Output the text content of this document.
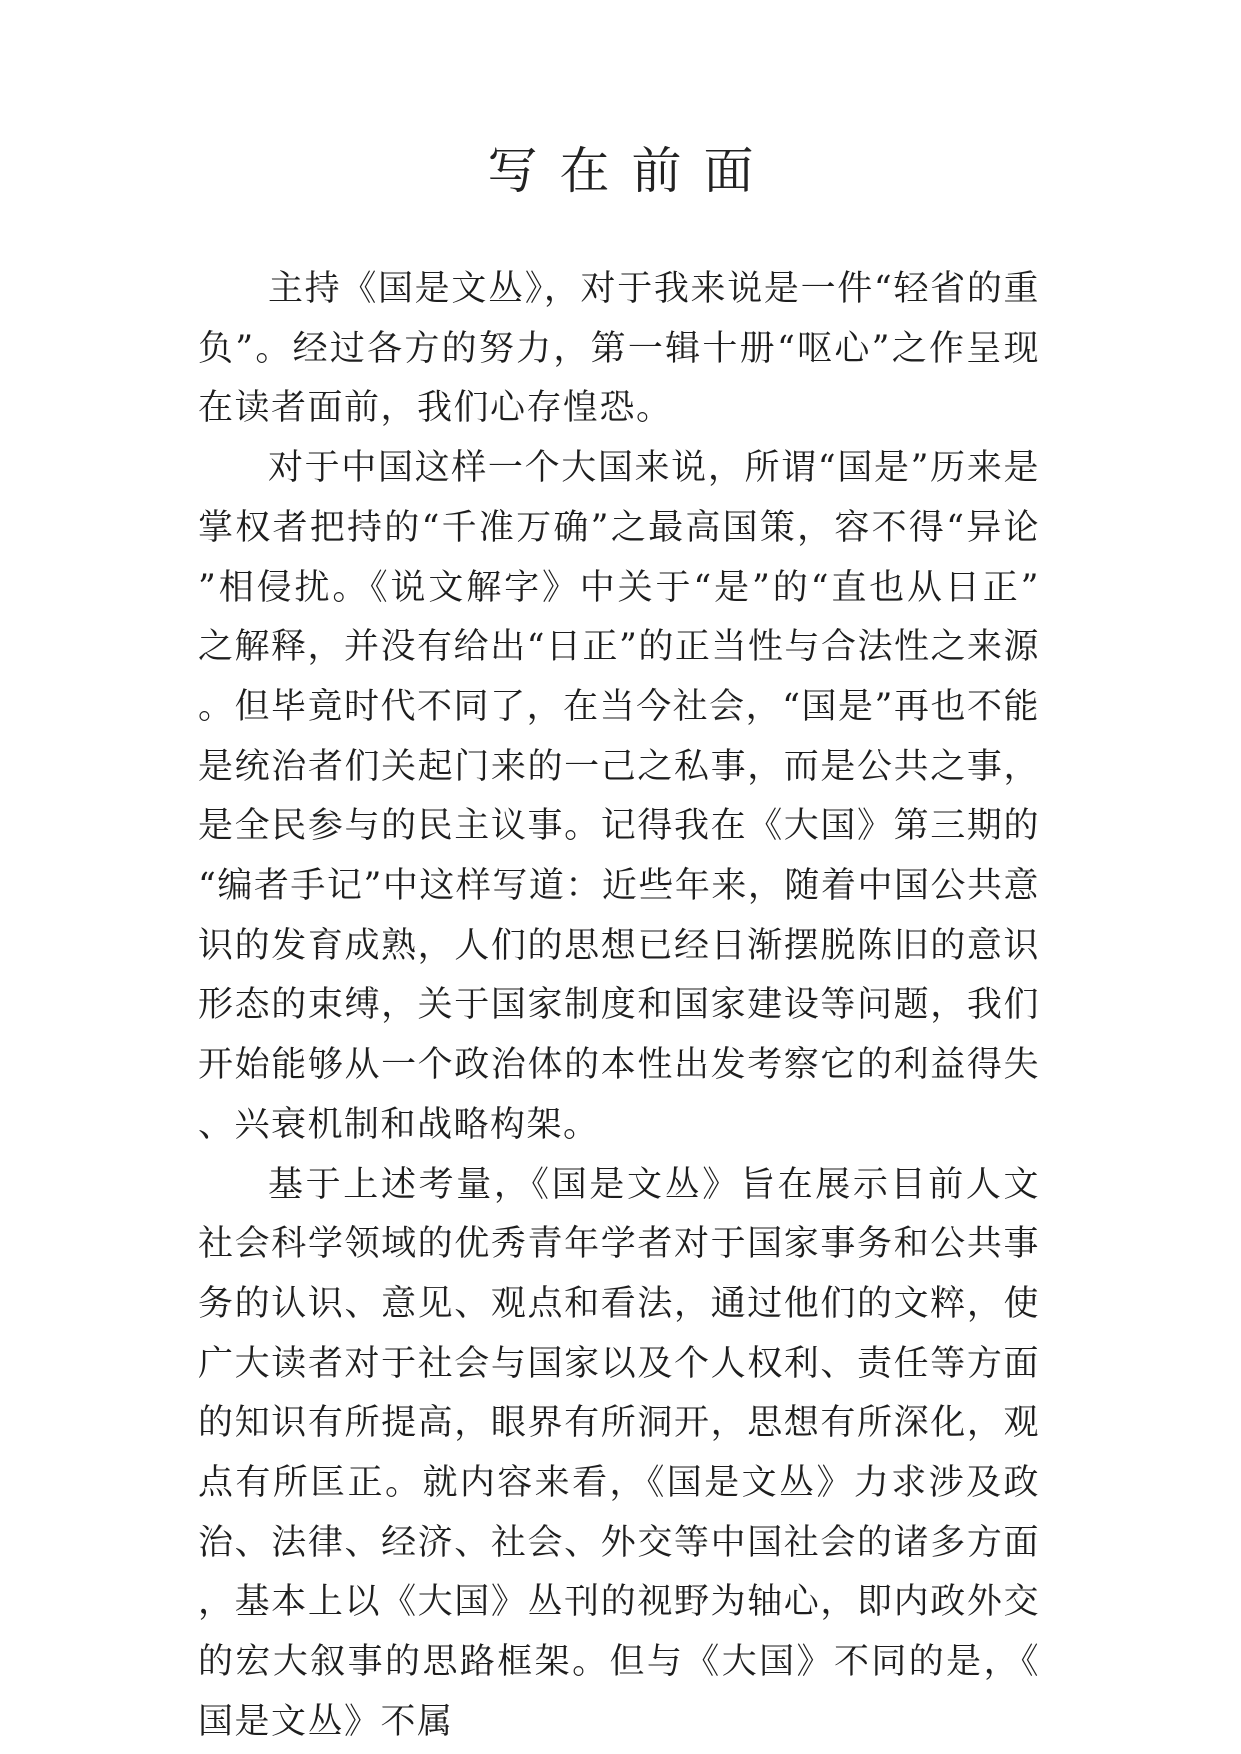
写在前面

主持《国是文丛》，对于我来说是一件“轻省的重负”。经过各方的努力，第一辑十册“呕心”之作呈现在读者面前，我们心存惶恐。

对于中国这样一个大国来说，所谓“国是”历来是掌权者把持的“千准万确”之最高国策，容不得“异论”相侵扰。《说文解字》中关于“是”的“直也从日正”之解释，并没有给出“日正”的正当性与合法性之来源。但毕竟时代不同了，在当今社会，“国是”再也不能是统治者们关起门来的一己之私事，而是公共之事，是全民参与的民主议事。记得我在《大国》第三期的“编者手记”中这样写道：近些年来，随着中国公共意识的发育成熟，人们的思想已经日渐摆脱陈旧的意识形态的束缚，关于国家制度和国家建设等问题，我们开始能够从一个政治体的本性出发考察它的利益得失、兴衰机制和战略构架。

基于上述考量，《国是文丛》旨在展示目前人文社会科学领域的优秀青年学者对于国家事务和公共事务的认识、意见、观点和看法，通过他们的文粹，使广大读者对于社会与国家以及个人权利、责任等方面的知识有所提高，眼界有所洞开，思想有所深化，观点有所匡正。就内容来看，《国是文丛》力求涉及政治、法律、经济、社会、外交等中国社会的诸多方面，基本上以《大国》丛刊的视野为轴心，即内政外交的宏大叙事的思路框架。但与《大国》不同的是，《国是文丛》不属
